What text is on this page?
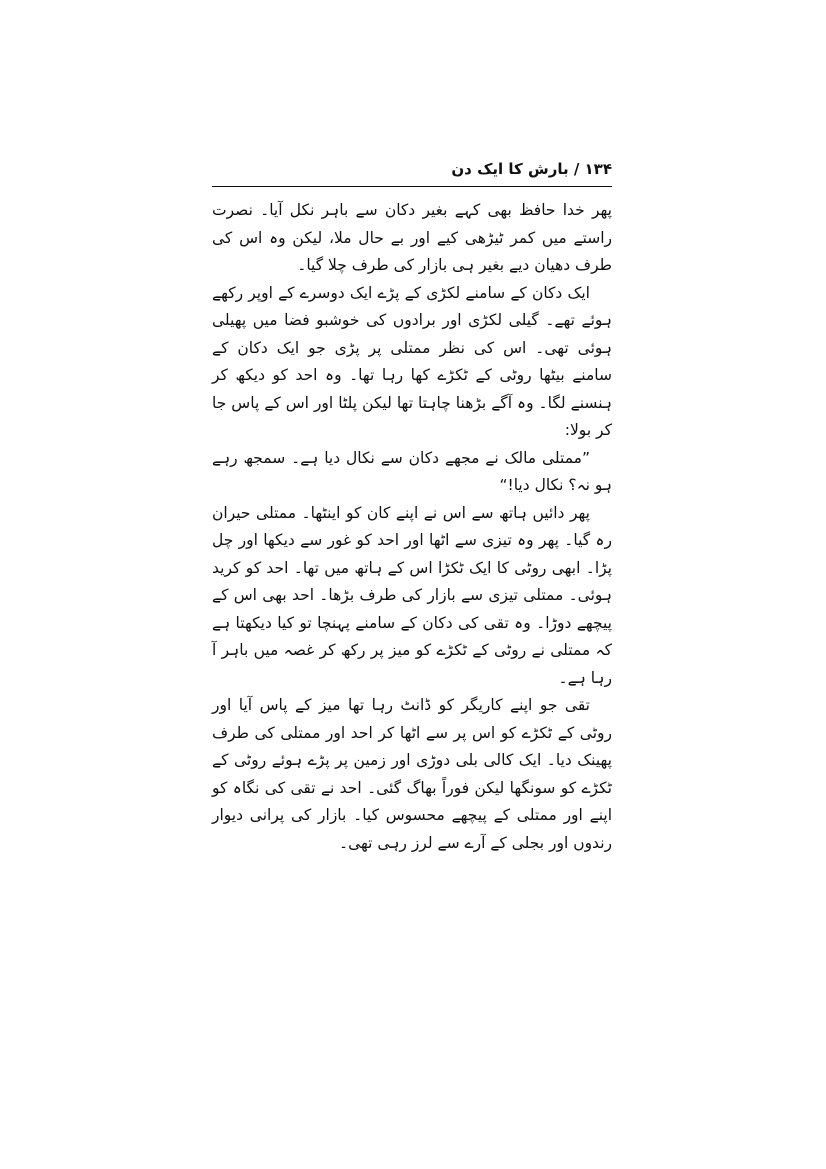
۱۳۴ / بارش کا ایک دن

پھر خدا حافظ بھی کہے بغیر دکان سے باہر نکل آیا۔ نصرت راستے میں کمر ٹیڑھی کیے اور بے حال ملا، لیکن وہ اس کی طرف دھیان دیے بغیر ہی بازار کی طرف چلا گیا۔

ایک دکان کے سامنے لکڑی کے پڑے ایک دوسرے کے اوپر رکھے ہوئے تھے۔ گیلی لکڑی اور برادوں کی خوشبو فضا میں پھیلی ہوئی تھی۔ اس کی نظر ممتلی پر پڑی جو ایک دکان کے سامنے بیٹھا روٹی کے ٹکڑے کھا رہا تھا۔ وہ احد کو دیکھ کر ہنسنے لگا۔ وہ آگے بڑھنا چاہتا تھا لیکن پلٹا اور اس کے پاس جا کر بولا:

”ممتلی مالک نے مجھے دکان سے نکال دیا ہے۔ سمجھ رہے ہو نہ؟ نکال دیا!“

پھر دائیں ہاتھ سے اس نے اپنے کان کو اینٹھا۔ ممتلی حیران رہ گیا۔ پھر وہ تیزی سے اٹھا اور احد کو غور سے دیکھا اور چل پڑا۔ ابھی روٹی کا ایک ٹکڑا اس کے ہاتھ میں تھا۔ احد کو کرید ہوئی۔ ممتلی تیزی سے بازار کی طرف بڑھا۔ احد بھی اس کے پیچھے دوڑا۔ وہ تقی کی دکان کے سامنے پہنچا تو کیا دیکھتا ہے کہ ممتلی نے روٹی کے ٹکڑے کو میز پر رکھ کر غصہ میں باہر آ رہا ہے۔

تقی جو اپنے کاریگر کو ڈانٹ رہا تھا میز کے پاس آیا اور روٹی کے ٹکڑے کو اس پر سے اٹھا کر احد اور ممتلی کی طرف پھینک دیا۔ ایک کالی بلی دوڑی اور زمین پر پڑے ہوئے روٹی کے ٹکڑے کو سونگھا لیکن فوراً بھاگ گئی۔ احد نے تقی کی نگاہ کو اپنے اور ممتلی کے پیچھے محسوس کیا۔ بازار کی پرانی دیوار رندوں اور بجلی کے آرے سے لرز رہی تھی۔
